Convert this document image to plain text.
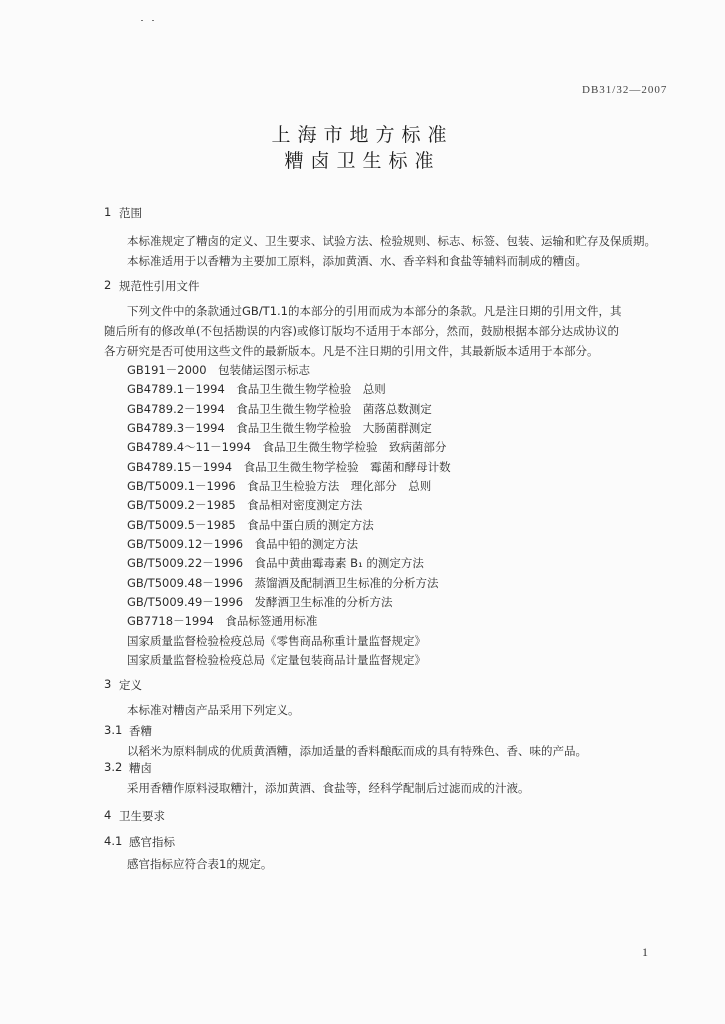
DB31/32—2007
上海市地方标准
糟卤卫生标准
1 范围
本标准规定了糟卤的定义、卫生要求、试验方法、检验规则、标志、标签、包装、运输和贮存及保质期。
本标准适用于以香糟为主要加工原料，添加黄酒、水、香辛料和食盐等辅料而制成的糟卤。
2 规范性引用文件
下列文件中的条款通过GB/T1.1的本部分的引用而成为本部分的条款。凡是注日期的引用文件，其
随后所有的修改单(不包括勘误的内容)或修订版均不适用于本部分，然而，鼓励根据本部分达成协议的
各方研究是否可使用这些文件的最新版本。凡是不注日期的引用文件，其最新版本适用于本部分。
GB191－2000　包装储运图示标志
GB4789.1－1994　食品卫生微生物学检验　总则
GB4789.2－1994　食品卫生微生物学检验　菌落总数测定
GB4789.3－1994　食品卫生微生物学检验　大肠菌群测定
GB4789.4～11－1994　食品卫生微生物学检验　致病菌部分
GB4789.15－1994　食品卫生微生物学检验　霉菌和酵母计数
GB/T5009.1－1996　食品卫生检验方法　理化部分　总则
GB/T5009.2－1985　食品相对密度测定方法
GB/T5009.5－1985　食品中蛋白质的测定方法
GB/T5009.12－1996　食品中铅的测定方法
GB/T5009.22－1996　食品中黄曲霉毒素 B₁ 的测定方法
GB/T5009.48－1996　蒸馏酒及配制酒卫生标准的分析方法
GB/T5009.49－1996　发酵酒卫生标准的分析方法
GB7718－1994　食品标签通用标准
国家质量监督检验检疫总局《零售商品称重计量监督规定》
国家质量监督检验检疫总局《定量包装商品计量监督规定》
3 定义
本标准对糟卤产品采用下列定义。
3.1 香糟
以稻米为原料制成的优质黄酒糟，添加适量的香料酿酝而成的具有特殊色、香、味的产品。
3.2 糟卤
采用香糟作原料浸取糟汁，添加黄酒、食盐等，经科学配制后过滤而成的汁液。
4 卫生要求
4.1 感官指标
感官指标应符合表1的规定。
1
